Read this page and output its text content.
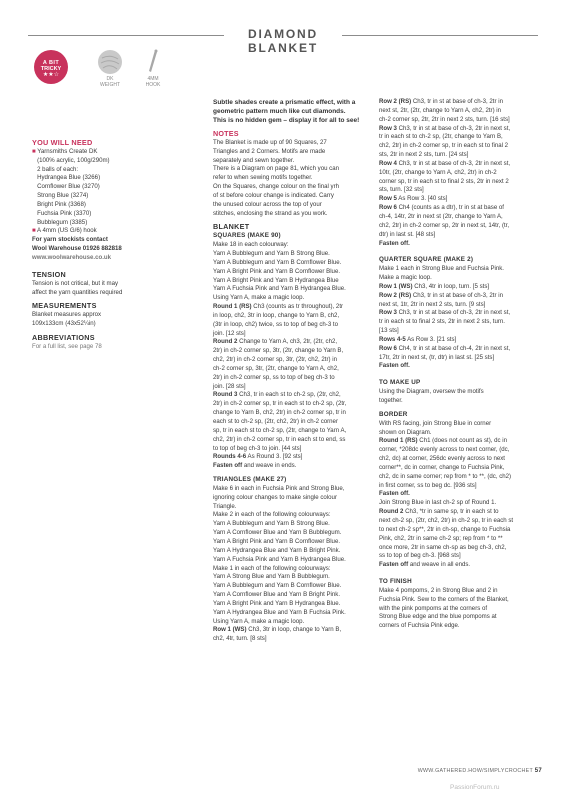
DIAMOND BLANKET
A BIT
TRICKY
★★☆
DK
WEIGHT
4MM
HOOK

YOU WILL NEED

■ Yarnsmiths Create DK

(100% acrylic, 100g/290m)

2 balls of each:

Hydrangea Blue (3266)

Cornflower Blue (3270)

Strong Blue (3274)

Bright Pink (3368)

Fuchsia Pink (3370)

Bubblegum (3385)

■ A 4mm (US G/6) hook

For yarn stockists contact

Wool Warehouse 01926 882818

www.woolwarehouse.co.uk

TENSION

Tension is not critical, but it may

affect the yarn quantities required

MEASUREMENTS

Blanket measures approx

109x133cm (43x52¼in)

ABBREVIATIONS

For a full list, see page 78

Subtle shades create a prismatic effect, with a

geometric pattern much like cut diamonds.

This is no hidden gem – display it for all to see!

NOTES

The Blanket is made up of 90 Squares, 27

Triangles and 2 Corners. Motifs are made

separately and sewn together.

There is a Diagram on page 81, which you can

refer to when sewing motifs together.

On the Squares, change colour on the final yrh

of st before colour change is indicated. Carry

the unused colour across the top of your

stitches, enclosing the strand as you work.

BLANKET

SQUARES (MAKE 90)

Make 18 in each colourway:

Yarn A Bubblegum and Yarn B Strong Blue.

Yarn A Bubblegum and Yarn B Cornflower Blue.

Yarn A Bright Pink and Yarn B Cornflower Blue.

Yarn A Bright Pink and Yarn B Hydrangea Blue

Yarn A Fuchsia Pink and Yarn B Hydrangea Blue.

Using Yarn A, make a magic loop.

Round 1 (RS) Ch3 (counts as tr throughout), 2tr

in loop, ch2, 3tr in loop, change to Yarn B, ch2,

(3tr in loop, ch2) twice, ss to top of beg ch-3 to

join. [12 sts]

Round 2 Change to Yarn A, ch3, 2tr, (2tr, ch2,

2tr) in ch-2 corner sp, 3tr, (2tr, change to Yarn B,

ch2, 2tr) in ch-2 corner sp, 3tr, (2tr, ch2, 2tr) in

ch-2 corner sp, 3tr, (2tr, change to Yarn A, ch2,

2tr) in ch-2 corner sp, ss to top of beg ch-3 to

join. [28 sts]

Round 3 Ch3, tr in each st to ch-2 sp, (2tr, ch2,

2tr) in ch-2 corner sp, tr in each st to ch-2 sp, (2tr,

change to Yarn B, ch2, 2tr) in ch-2 corner sp, tr in

each st to ch-2 sp, (2tr, ch2, 2tr) in ch-2 corner

sp, tr in each st to ch-2 sp, (2tr, change to Yarn A,

ch2, 2tr) in ch-2 corner sp, tr in each st to end, ss

to top of beg ch-3 to join. [44 sts]

Rounds 4-6 As Round 3. [92 sts]

Fasten off and weave in ends.

TRIANGLES (MAKE 27)

Make 6 in each in Fuchsia Pink and Strong Blue,

ignoring colour changes to make single colour

Triangle.

Make 2 in each of the following colourways:

Yarn A Bubblegum and Yarn B Strong Blue.

Yarn A Cornflower Blue and Yarn B Bubblegum.

Yarn A Bright Pink and Yarn B Cornflower Blue.

Yarn A Hydrangea Blue and Yarn B Bright Pink.

Yarn A Fuchsia Pink and Yarn B Hydrangea Blue.

Make 1 in each of the following colourways:

Yarn A Strong Blue and Yarn B Bubblegum.

Yarn A Bubblegum and Yarn B Cornflower Blue.

Yarn A Cornflower Blue and Yarn B Bright Pink.

Yarn A Bright Pink and Yarn B Hydrangea Blue.

Yarn A Hydrangea Blue and Yarn B Fuchsia Pink.

Using Yarn A, make a magic loop.

Row 1 (WS) Ch3, 3tr in loop, change to Yarn B,

ch2, 4tr, turn. [8 sts]

Row 2 (RS) Ch3, tr in st at base of ch-3, 2tr in

next st, 2tr, (2tr, change to Yarn A, ch2, 2tr) in

ch-2 corner sp, 2tr, 2tr in next 2 sts, turn. [16 sts]

Row 3 Ch3, tr in st at base of ch-3, 2tr in next st,

tr in each st to ch-2 sp, (2tr, change to Yarn B,

ch2, 2tr) in ch-2 corner sp, tr in each st to final 2

sts, 2tr in next 2 sts, turn. [24 sts]

Row 4 Ch3, tr in st at base of ch-3, 2tr in next st,

10tr, (2tr, change to Yarn A, ch2, 2tr) in ch-2

corner sp, tr in each st to final 2 sts, 2tr in next 2

sts, turn. [32 sts]

Row 5 As Row 3. [40 sts]

Row 6 Ch4 (counts as a dtr), tr in st at base of

ch-4, 14tr, 2tr in next st (2tr, change to Yarn A,

ch2, 2tr) in ch-2 corner sp, 2tr in next st, 14tr, (tr,

dtr) in last st. [48 sts]

Fasten off.

QUARTER SQUARE (MAKE 2)

Make 1 each in Strong Blue and Fuchsia Pink.

Make a magic loop.

Row 1 (WS) Ch3, 4tr in loop, turn. [5 sts]

Row 2 (RS) Ch3, tr in st at base of ch-3, 2tr in

next st, 1tr, 2tr in next 2 sts, turn. [9 sts]

Row 3 Ch3, tr in st at base of ch-3, 2tr in next st,

tr in each st to final 2 sts, 2tr in next 2 sts, turn.

[13 sts]

Rows 4-5 As Row 3. [21 sts]

Row 6 Ch4, tr in st at base of ch-4, 2tr in next st,

17tr, 2tr in next st, (tr, dtr) in last st. [25 sts]

Fasten off.

TO MAKE UP

Using the Diagram, oversew the motifs

together.

BORDER

With RS facing, join Strong Blue in corner

shown on Diagram.

Round 1 (RS) Ch1 (does not count as st), dc in

corner, *208dc evenly across to next corner, (dc,

ch2, dc) at corner, 256dc evenly across to next

corner**, dc in corner, change to Fuchsia Pink,

ch2, dc in same corner; rep from * to **, (dc, ch2)

in first corner, ss to beg dc. [936 sts]

Fasten off.

Join Strong Blue in last ch-2 sp of Round 1.

Round 2 Ch3, *tr in same sp, tr in each st to

next ch-2 sp, (2tr, ch2, 2tr) in ch-2 sp, tr in each st

to next ch-2 sp**, 2tr in ch-sp, change to Fuchsia

Pink, ch2, 2tr in same ch-2 sp; rep from * to **

once more, 2tr in same ch-sp as beg ch-3, ch2,

ss to top of beg ch-3. [968 sts]

Fasten off and weave in all ends.

TO FINISH

Make 4 pompoms, 2 in Strong Blue and 2 in

Fuchsia Pink. Sew to the corners of the Blanket,

with the pink pompoms at the corners of

Strong Blue edge and the blue pompoms at

corners of Fuchsia Pink edge.

WWW.GATHERED.HOW/SIMPLYCROCHET 57
PassionForum.ru
